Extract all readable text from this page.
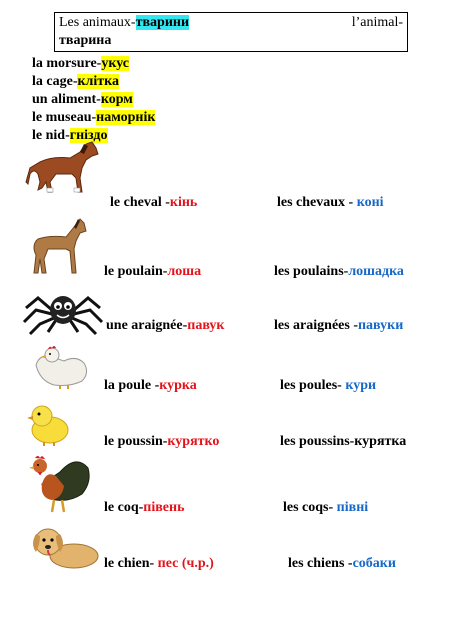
Les animaux-тварини	l’animal-
тварина
la morsure-укус
la cage-клітка
un aliment-корм
le museau-наморнік
le nid-гнiздо
le cheval -кінь	les chevaux - коні
le poulain-лоша	les poulains-лошадка
une araignée-павук	les araignées -павуки
la poule -курка	les poules- кури
le poussin-курятко	les poussins-курятка
le coq-півень	les coqs- півні
le chien- пес (ч.р.)	les chiens -собаки
